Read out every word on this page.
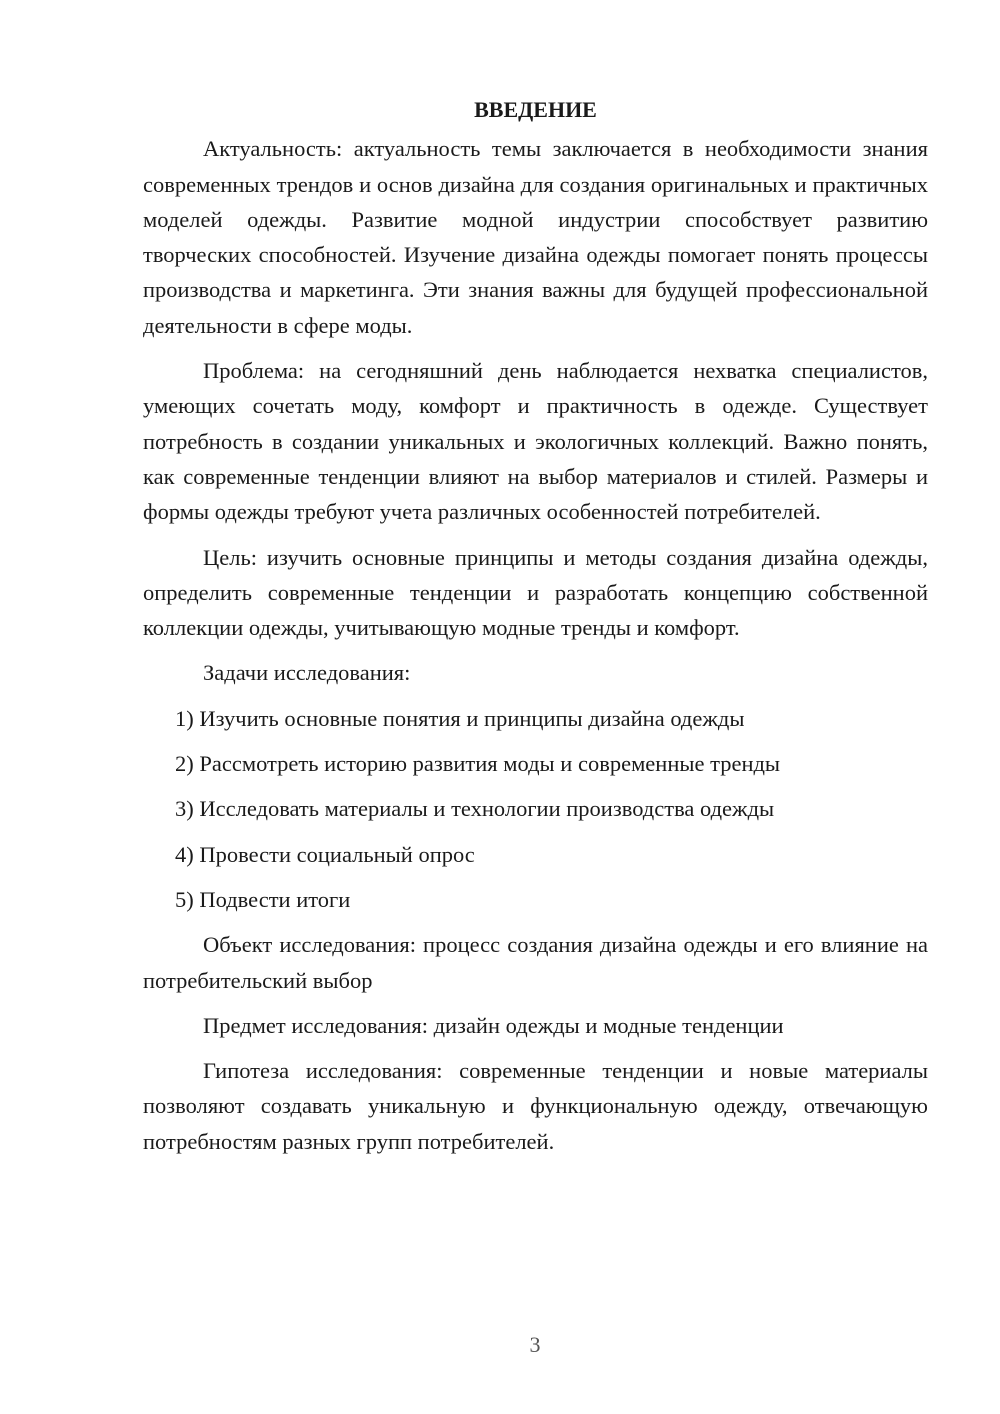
ВВЕДЕНИЕ

Актуальность: актуальность темы заключается в необходимости знания современных трендов и основ дизайна для создания оригинальных и практичных моделей одежды. Развитие модной индустрии способствует развитию творческих способностей. Изучение дизайна одежды помогает понять процессы производства и маркетинга. Эти знания важны для будущей профессиональной деятельности в сфере моды.

Проблема: на сегодняшний день наблюдается нехватка специалистов, умеющих сочетать моду, комфорт и практичность в одежде. Существует потребность в создании уникальных и экологичных коллекций. Важно понять, как современные тенденции влияют на выбор материалов и стилей. Размеры и формы одежды требуют учета различных особенностей потребителей.

Цель: изучить основные принципы и методы создания дизайна одежды, определить современные тенденции и разработать концепцию собственной коллекции одежды, учитывающую модные тренды и комфорт.

Задачи исследования:

1) Изучить основные понятия и принципы дизайна одежды
2) Рассмотреть историю развития моды и современные тренды
3) Исследовать материалы и технологии производства одежды
4) Провести социальный опрос
5) Подвести итоги

Объект исследования: процесс создания дизайна одежды и его влияние на потребительский выбор

Предмет исследования: дизайн одежды и модные тенденции

Гипотеза исследования: современные тенденции и новые материалы позволяют создавать уникальную и функциональную одежду, отвечающую потребностям разных групп потребителей.

3
